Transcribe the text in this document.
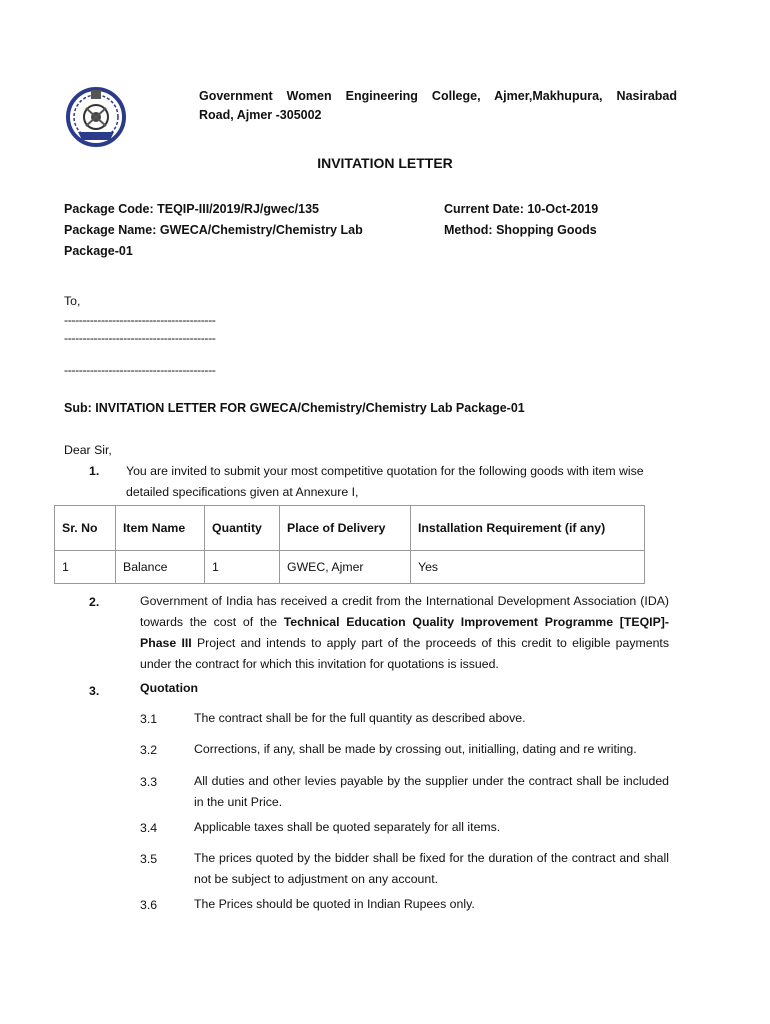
Government Women Engineering College, Ajmer,Makhupura, Nasirabad
Road, Ajmer -305002
INVITATION LETTER
Package Code: TEQIP-III/2019/RJ/gwec/135
Package Name: GWECA/Chemistry/Chemistry Lab
Package-01
Current Date: 10-Oct-2019
Method: Shopping Goods
To,
-----------------------------------------
-----------------------------------------
-----------------------------------------
Sub: INVITATION LETTER FOR GWECA/Chemistry/Chemistry Lab Package-01
Dear Sir,
1. You are invited to submit your most competitive quotation for the following goods with item wise
detailed specifications given at Annexure I,
Sr. No	Item Name	Quantity	Place of Delivery	Installation Requirement (if any)
1	Balance	1	GWEC, Ajmer	Yes
2.	Government of India has received a credit from the International Development Association (IDA) towards the cost of the Technical Education Quality Improvement Programme [TEQIP]-Phase III Project and intends to apply part of the proceeds of this credit to eligible payments under the contract for which this invitation for quotations is issued.
3.	Quotation
3.1	The contract shall be for the full quantity as described above.
3.2	Corrections, if any, shall be made by crossing out, initialling, dating and re writing.
3.3	All duties and other levies payable by the supplier under the contract shall be included in the unit Price.
3.4	Applicable taxes shall be quoted separately for all items.
3.5	The prices quoted by the bidder shall be fixed for the duration of the contract and shall not be subject to adjustment on any account.
3.6	The Prices should be quoted in Indian Rupees only.
